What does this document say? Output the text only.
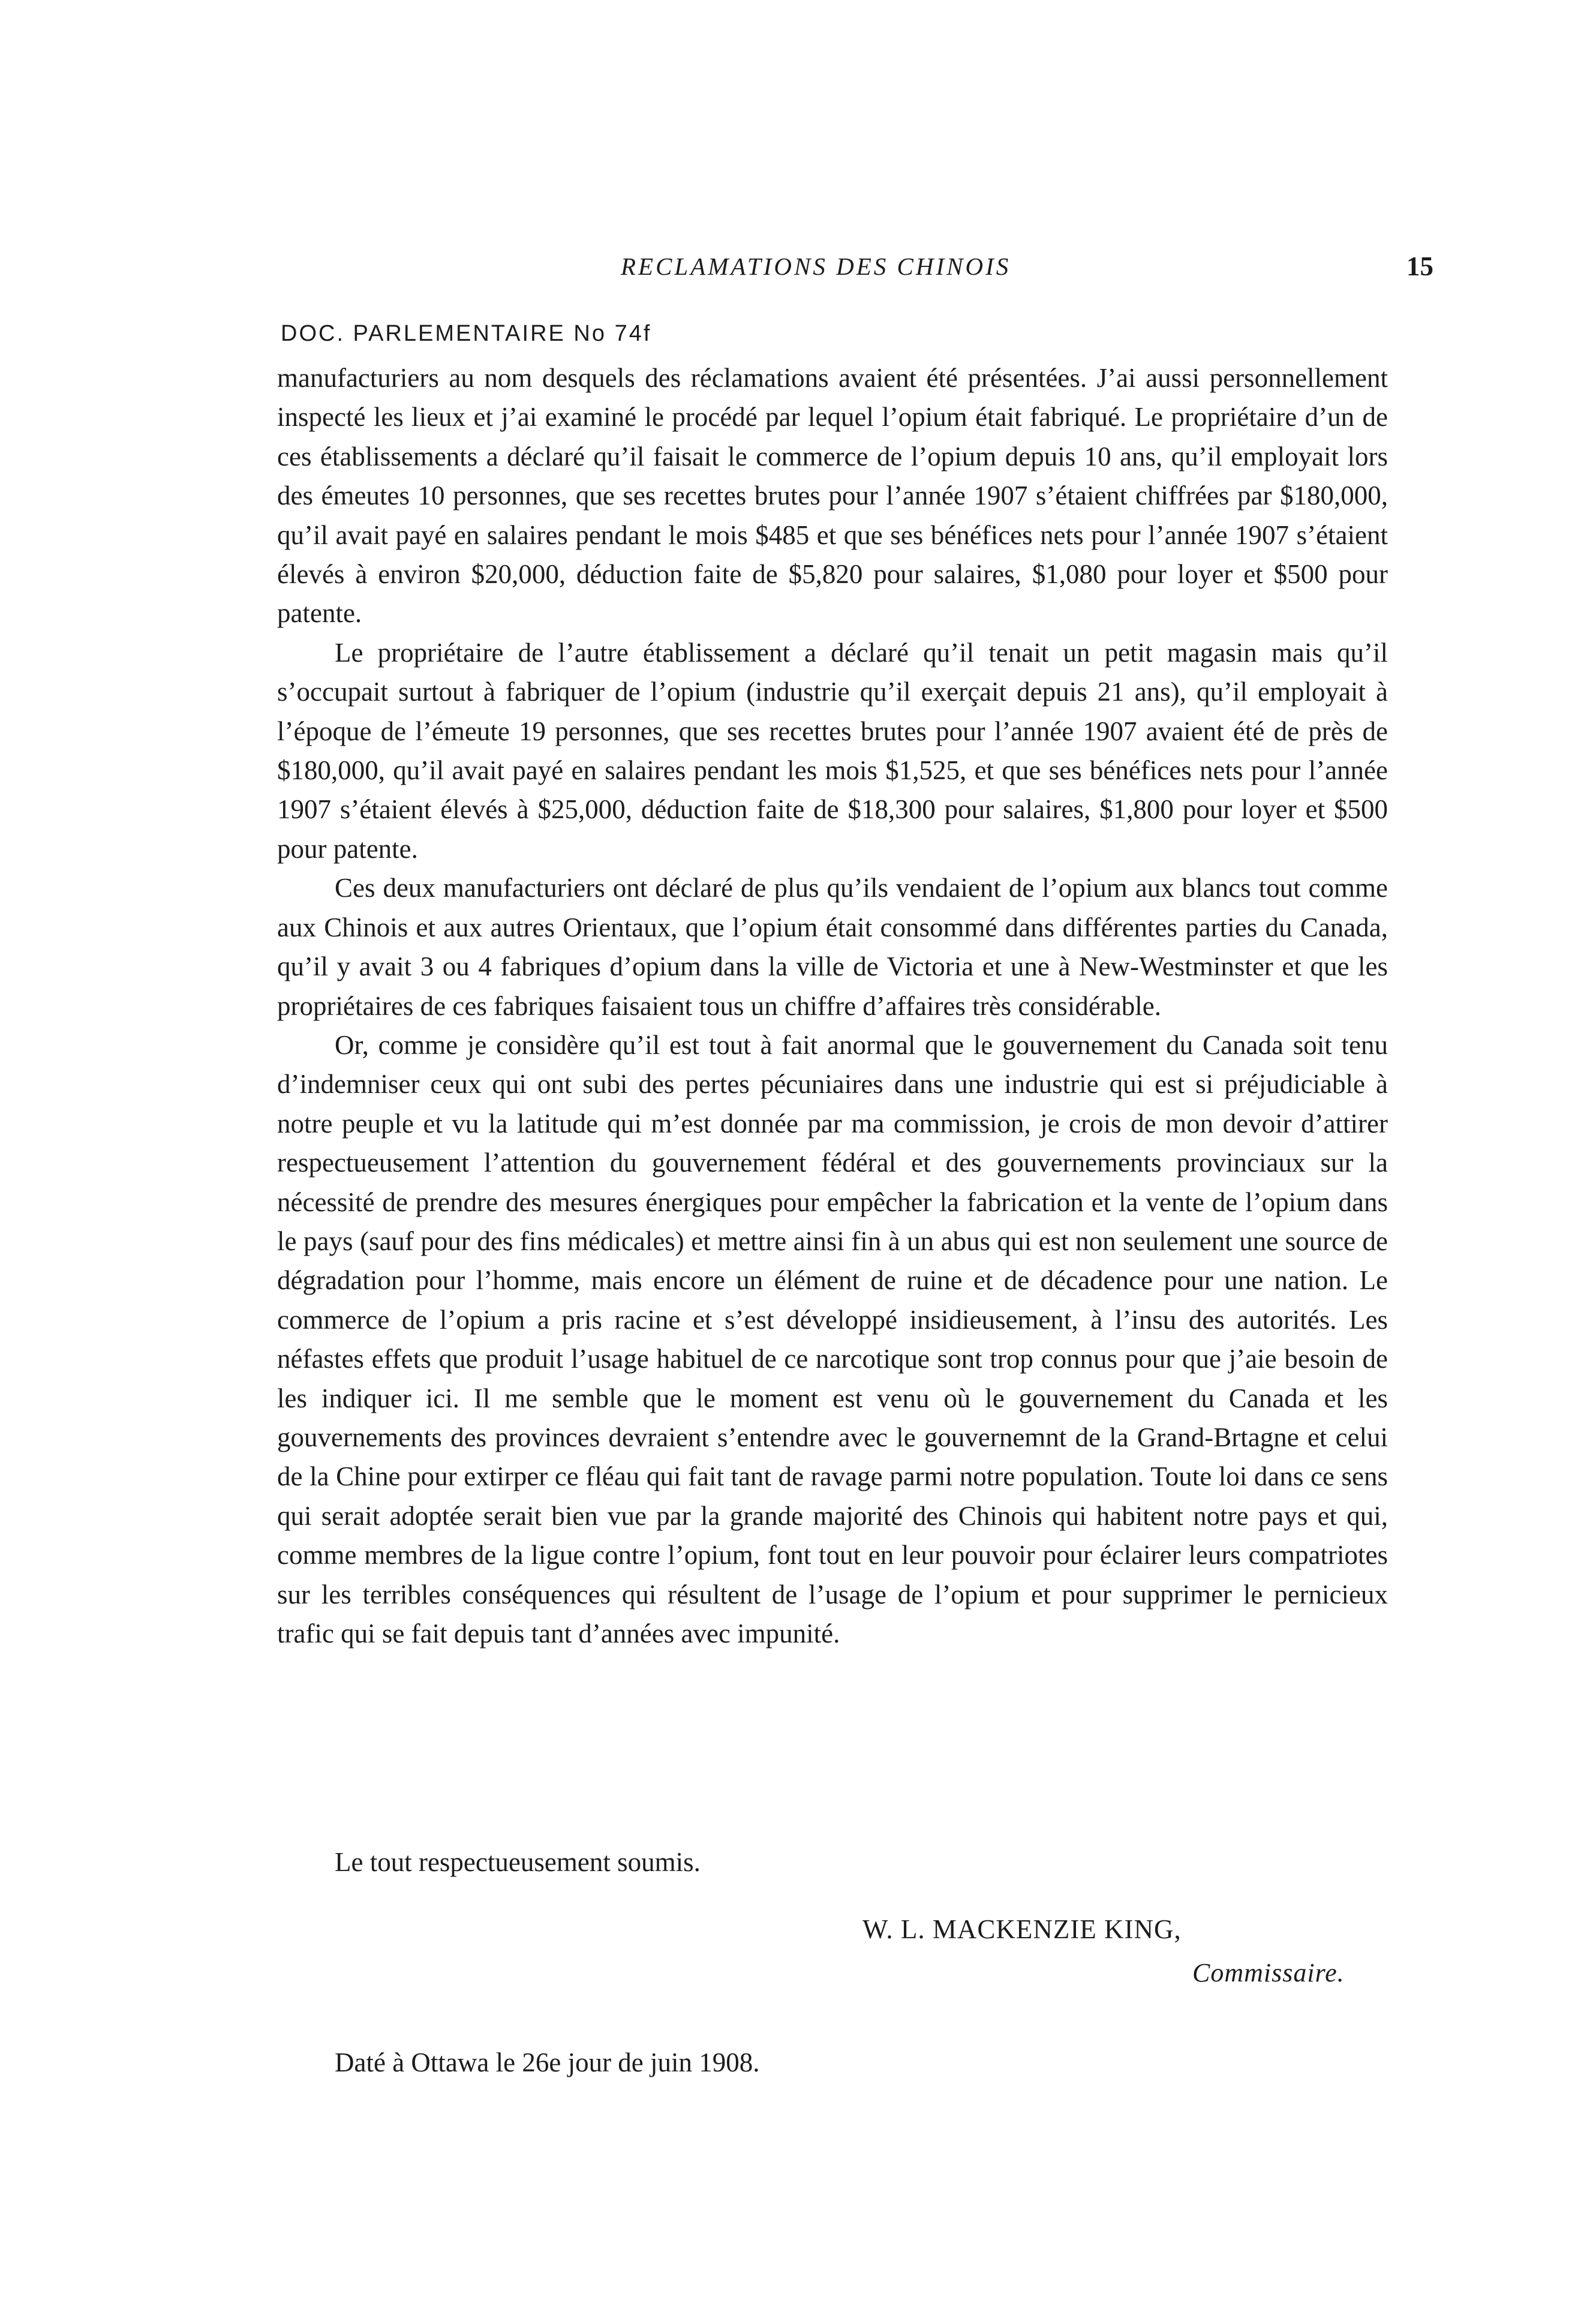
RECLAMATIONS DES CHINOIS	15
DOC. PARLEMENTAIRE No 74f

manufacturiers au nom desquels des réclamations avaient été présentées. J’ai aussi personnellement inspecté les lieux et j’ai examiné le procédé par lequel l’opium était fabriqué. Le propriétaire d’un de ces établissements a déclaré qu’il faisait le commerce de l’opium depuis 10 ans, qu’il employait lors des émeutes 10 personnes, que ses recettes brutes pour l’année 1907 s’étaient chiffrées par $180,000, qu’il avait payé en salaires pendant le mois $485 et que ses bénéfices nets pour l’année 1907 s’étaient élevés à environ $20,000, déduction faite de $5,820 pour salaires, $1,080 pour loyer et $500 pour patente.

Le propriétaire de l’autre établissement a déclaré qu’il tenait un petit magasin mais qu’il s’occupait surtout à fabriquer de l’opium (industrie qu’il exerçait depuis 21 ans), qu’il employait à l’époque de l’émeute 19 personnes, que ses recettes brutes pour l’année 1907 avaient été de près de $180,000, qu’il avait payé en salaires pendant les mois $1,525, et que ses bénéfices nets pour l’année 1907 s’étaient élevés à $25,000, déduction faite de $18,300 pour salaires, $1,800 pour loyer et $500 pour patente.

Ces deux manufacturiers ont déclaré de plus qu’ils vendaient de l’opium aux blancs tout comme aux Chinois et aux autres Orientaux, que l’opium était consommé dans différentes parties du Canada, qu’il y avait 3 ou 4 fabriques d’opium dans la ville de Victoria et une à New-Westminster et que les propriétaires de ces fabriques faisaient tous un chiffre d’affaires très considérable.

Or, comme je considère qu’il est tout à fait anormal que le gouvernement du Canada soit tenu d’indemniser ceux qui ont subi des pertes pécuniaires dans une industrie qui est si préjudiciable à notre peuple et vu la latitude qui m’est donnée par ma commission, je crois de mon devoir d’attirer respectueusement l’attention du gouvernement fédéral et des gouvernements provinciaux sur la nécessité de prendre des mesures énergiques pour empêcher la fabrication et la vente de l’opium dans le pays (sauf pour des fins médicales) et mettre ainsi fin à un abus qui est non seulement une source de dégradation pour l’homme, mais encore un élément de ruine et de décadence pour une nation. Le commerce de l’opium a pris racine et s’est développé insidieusement, à l’insu des autorités. Les néfastes effets que produit l’usage habituel de ce narcotique sont trop connus pour que j’aie besoin de les indiquer ici. Il me semble que le moment est venu où le gouvernement du Canada et les gouvernements des provinces devraient s’entendre avec le gouvernemnt de la Grand-Brtagne et celui de la Chine pour extirper ce fléau qui fait tant de ravage parmi notre population. Toute loi dans ce sens qui serait adoptée serait bien vue par la grande majorité des Chinois qui habitent notre pays et qui, comme membres de la ligue contre l’opium, font tout en leur pouvoir pour éclairer leurs compatriotes sur les terribles conséquences qui résultent de l’usage de l’opium et pour supprimer le pernicieux trafic qui se fait depuis tant d’années avec impunité.

Le tout respectueusement soumis.
W. L. MACKENZIE KING,
Commissaire.
Daté à Ottawa le 26e jour de juin 1908.
